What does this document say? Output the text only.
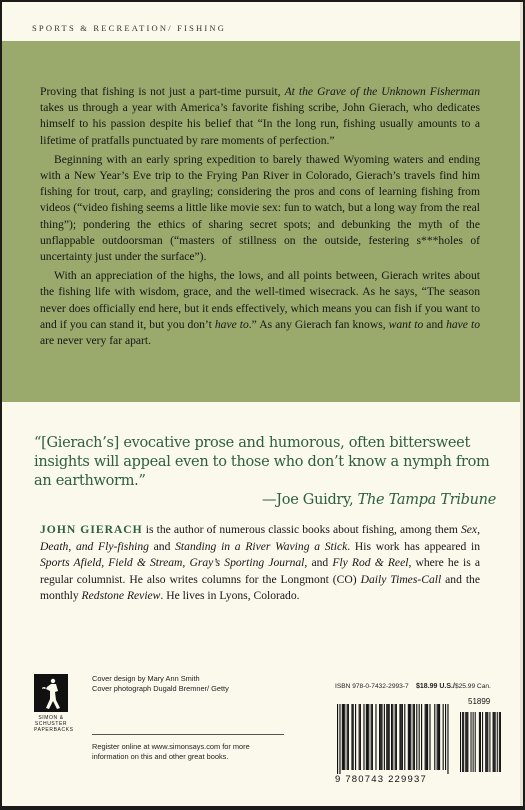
SPORTS & RECREATION/ FISHING

Proving that fishing is not just a part-time pursuit, At the Grave of the Unknown Fisherman takes us through a year with America’s favorite fishing scribe, John Gierach, who dedicates himself to his passion despite his belief that “In the long run, fishing usually amounts to a lifetime of pratfalls punctuated by rare moments of perfection.”

Beginning with an early spring expedition to barely thawed Wyoming waters and ending with a New Year’s Eve trip to the Frying Pan River in Colorado, Gierach’s travels find him fishing for trout, carp, and grayling; considering the pros and cons of learning fishing from videos (“video fishing seems a little like movie sex: fun to watch, but a long way from the real thing”); pondering the ethics of sharing secret spots; and debunking the myth of the unflappable outdoorsman (“masters of stillness on the outside, festering s***holes of uncertainty just under the surface”).

With an appreciation of the highs, the lows, and all points between, Gierach writes about the fishing life with wisdom, grace, and the well-timed wisecrack. As he says, “The season never does officially end here, but it ends effectively, which means you can fish if you want to and if you can stand it, but you don’t have to.” As any Gierach fan knows, want to and have to are never very far apart.

“[Gierach’s] evocative prose and humorous, often bittersweet insights will appeal even to those who don’t know a nymph from an earthworm.”
—Joe Guidry, The Tampa Tribune
JOHN GIERACH is the author of numerous classic books about fishing, among them Sex, Death, and Fly-fishing and Standing in a River Waving a Stick. His work has appeared in Sports Afield, Field & Stream, Gray’s Sporting Journal, and Fly Rod & Reel, where he is a regular columnist. He also writes columns for the Longmont (CO) Daily Times-Call and the monthly Redstone Review. He lives in Lyons, Colorado.
SIMON &
SCHUSTER
PAPERBACKS
Cover design by Mary Ann Smith
Cover photograph Dugald Bremner/ Getty
Register online at www.simonsays.com for more information on this and other great books.
ISBN 978-0-7432-2993-7 $18.99 U.S./$25.99 Can.
51899
9 780743 229937
